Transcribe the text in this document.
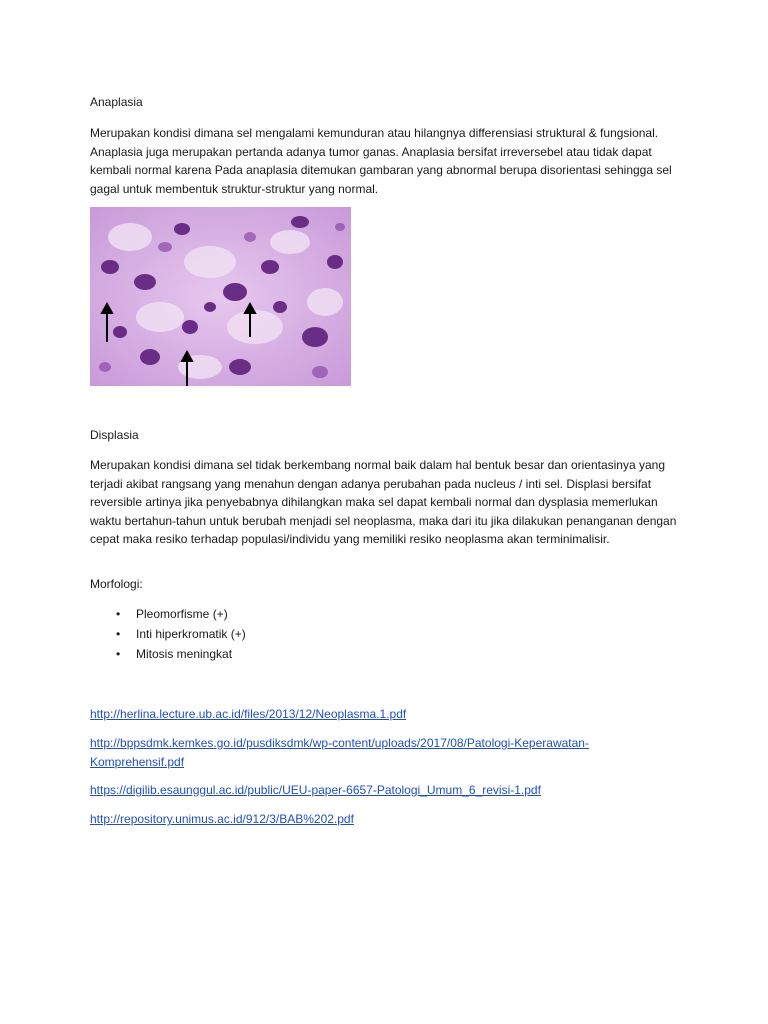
Anaplasia

Merupakan kondisi dimana sel mengalami kemunduran atau hilangnya differensiasi struktural & fungsional. Anaplasia juga merupakan pertanda adanya tumor ganas. Anaplasia bersifat irreversebel atau tidak dapat kembali normal karena Pada anaplasia ditemukan gambaran yang abnormal berupa disorientasi sehingga sel gagal untuk membentuk struktur-struktur yang normal.

Displasia

Merupakan kondisi dimana sel tidak berkembang normal baik dalam hal bentuk besar dan orientasinya yang terjadi akibat rangsang yang menahun dengan adanya perubahan pada nucleus / inti sel. Displasi bersifat reversible artinya jika penyebabnya dihilangkan maka sel dapat kembali normal dan dysplasia memerlukan waktu bertahun-tahun untuk berubah menjadi sel neoplasma, maka dari itu jika dilakukan penanganan dengan cepat maka resiko terhadap populasi/individu yang memiliki resiko neoplasma akan terminimalisir.

Morfologi:
• Pleomorfisme (+)
• Inti hiperkromatik (+)
• Mitosis meningkat
http://herlina.lecture.ub.ac.id/files/2013/12/Neoplasma.1.pdf
http://bppsdmk.kemkes.go.id/pusdiksdmk/wp-content/uploads/2017/08/Patologi-Keperawatan-Komprehensif.pdf
https://digilib.esaunggul.ac.id/public/UEU-paper-6657-Patologi_Umum_6_revisi-1.pdf
http://repository.unimus.ac.id/912/3/BAB%202.pdf
